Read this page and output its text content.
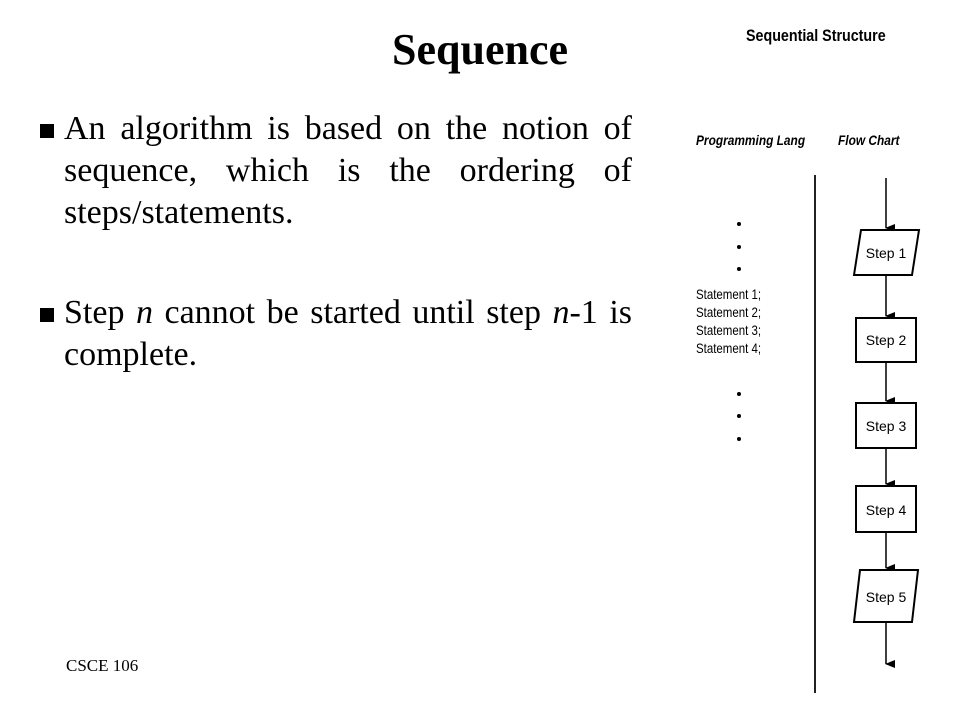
Sequence
An algorithm is based on the notion of sequence, which is the ordering of steps/statements.
Step n cannot be started until step n-1 is complete.
CSCE 106
Sequential Structure
Programming Lang Flow Chart
Statement 1;
Statement 2;
Statement 3;
Statement 4;
Step 1
Step 2
Step 3
Step 4
Step 5
